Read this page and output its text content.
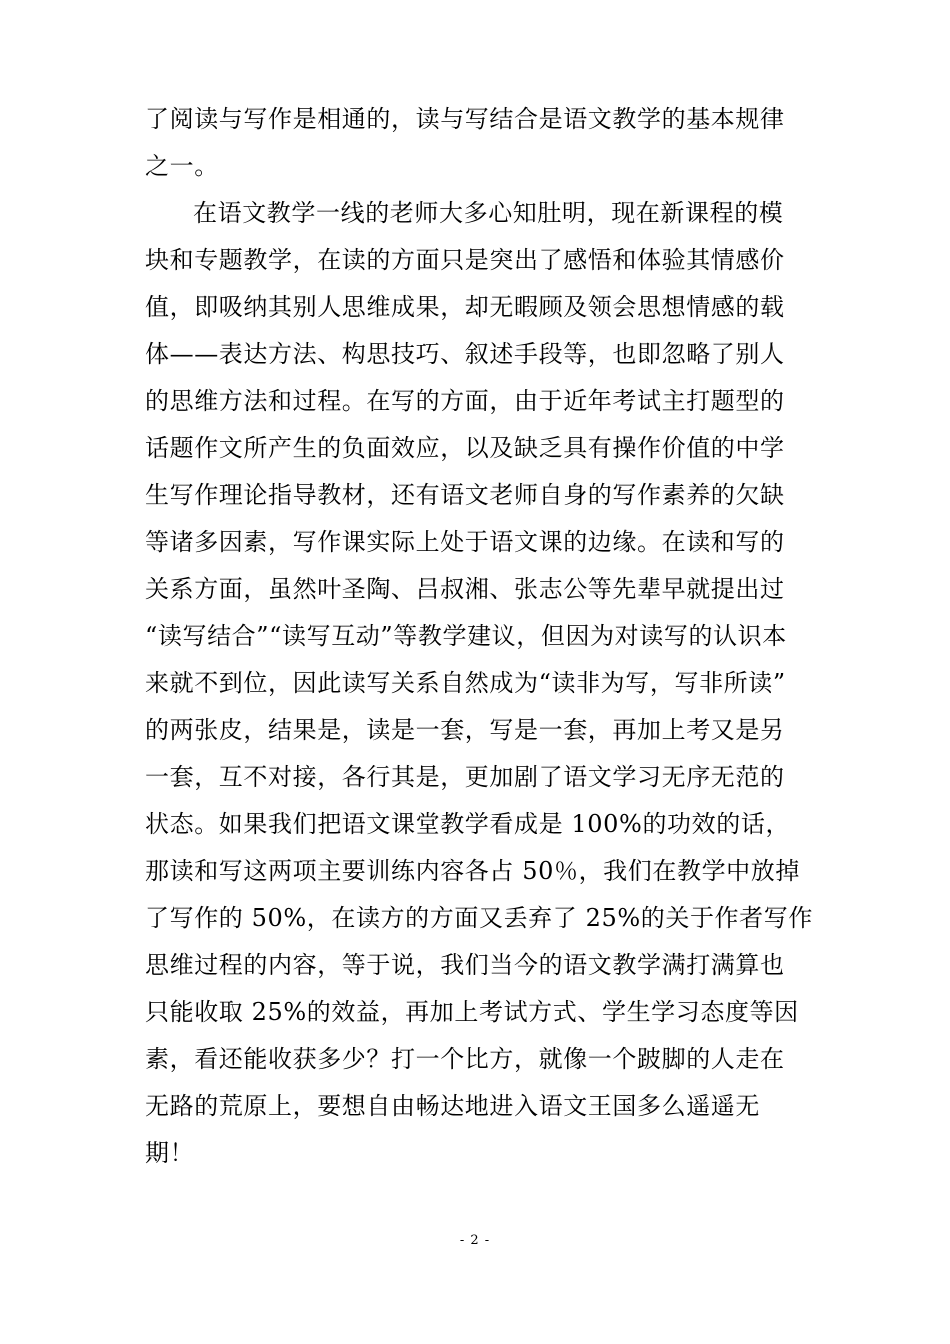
了阅读与写作是相通的，读与写结合是语文教学的基本规律
之一。
在语文教学一线的老师大多心知肚明，现在新课程的模
块和专题教学，在读的方面只是突出了感悟和体验其情感价
值，即吸纳其别人思维成果，却无暇顾及领会思想情感的载
体——表达方法、构思技巧、叙述手段等，也即忽略了别人
的思维方法和过程。在写的方面，由于近年考试主打题型的
话题作文所产生的负面效应，以及缺乏具有操作价值的中学
生写作理论指导教材，还有语文老师自身的写作素养的欠缺
等诸多因素，写作课实际上处于语文课的边缘。在读和写的
关系方面，虽然叶圣陶、吕叔湘、张志公等先辈早就提出过
“读写结合”“读写互动”等教学建议，但因为对读写的认识本
来就不到位，因此读写关系自然成为“读非为写，写非所读”
的两张皮，结果是，读是一套，写是一套，再加上考又是另
一套，互不对接，各行其是，更加剧了语文学习无序无范的
状态。如果我们把语文课堂教学看成是 100%的功效的话，
那读和写这两项主要训练内容各占 50％，我们在教学中放掉
了写作的 50%，在读方的方面又丢弃了 25%的关于作者写作
思维过程的内容，等于说，我们当今的语文教学满打满算也
只能收取 25%的效益，再加上考试方式、学生学习态度等因
素，看还能收获多少？打一个比方，就像一个跛脚的人走在
无路的荒原上，要想自由畅达地进入语文王国多么遥遥无
期！
- 2 -
